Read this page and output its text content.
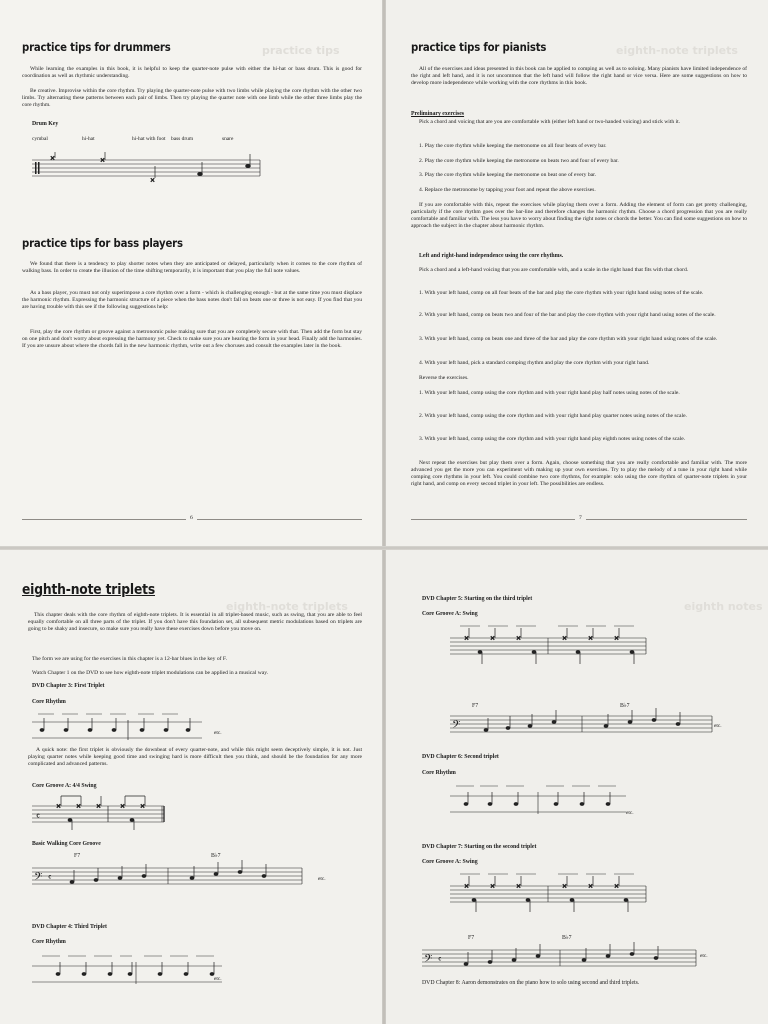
practice tips
practice tips for drummers

While learning the examples in this book, it is helpful to keep the quarter-note pulse with either the hi-hat or bass drum. This is good for coordination as well as rhythmic understanding.

Be creative. Improvise within the core rhythm. Try playing the quarter-note pulse with two limbs while playing the core rhythm with the other two limbs. Try alternating these patterns between each pair of limbs. Then try playing the quarter note with one limb while the other three limbs play the core rhythm.

Drum Key
cymbal	hi-hat	hi-hat with foot bass drum	snare
×	×
×
practice tips for bass players

We found that there is a tendency to play shorter notes when they are anticipated or delayed, particularly when it comes to the core rhythm of walking bass. In order to create the illusion of the time shifting temporarily, it is important that you play the full note values.

As a bass player, you must not only superimpose a core rhythm over a form - which is challenging enough - but at the same time you must displace the harmonic rhythm. Expressing the harmonic structure of a piece when the bass notes don't fall on beats one or three is not easy. If you find that you are having trouble with this see if the following suggestions help:

First, play the core rhythm or groove against a metronomic pulse making sure that you are completely secure with that. Then add the form but stay on one pitch and don't worry about expressing the harmony yet. Check to make sure you are hearing the form in your head. Finally add the harmonies. If you are unsure about where the chords fall in the new harmonic rhythm, write out a few choruses and consult the examples later in the book.

6
eighth-note triplets
practice tips for pianists

All of the exercises and ideas presented in this book can be applied to comping as well as to soloing. Many pianists have limited independence of the right and left hand, and it is not uncommon that the left hand will follow the right hand or vice versa. Here are some suggestions on how to develop more independence while working with the core rhythms in this book.

Preliminary exercises

Pick a chord and voicing that are you are comfortable with (either left hand or two-handed voicing) and stick with it.

1. Play the core rhythm while keeping the metronome on all four beats of every bar.

2. Play the core rhythm while keeping the metronome on beats two and four of every bar.

3. Play the core rhythm while keeping the metronome on beat one of every bar.

4. Replace the metronome by tapping your foot and repeat the above exercises.

If you are comfortable with this, repeat the exercises while playing them over a form. Adding the element of form can get pretty challenging, particularly if the core rhythm goes over the bar-line and therefore changes the harmonic rhythm. Choose a chord progression that you are really comfortable and familiar with. The less you have to worry about finding the right notes or chords the better. You can find some suggestions on how to approach the subject in the chapter about harmonic rhythm.

Left and right-hand independence using the core rhythms.

Pick a chord and a left-hand voicing that you are comfortable with, and a scale in the right hand that fits with that chord.

1. With your left hand, comp on all four beats of the bar and play the core rhythm with your right hand using notes of the scale.

2. With your left hand, comp on beats two and four of the bar and play the core rhythm with your right hand using notes of the scale.

3. With your left hand, comp on beats one and three of the bar and play the core rhythm with your right hand using notes of the scale.

4. With your left hand, pick a standard comping rhythm and play the core rhythm with your right hand.

Reverse the exercises.

1. With your left hand, comp using the core rhythm and with your right hand play half notes using notes of the scale.

2. With your left hand, comp using the core rhythm and with your right hand play quarter notes using notes of the scale.

3. With your left hand, comp using the core rhythm and with your right hand play eighth notes using notes of the scale.

Next repeat the exercises but play them over a form. Again, choose something that you are really comfortable and familiar with. The more advanced you get the more you can experiment with making up your own exercises. Try to play the melody of a tune in your right hand while comping core rhythms in your left. You could combine two core rhythms, for example: solo using the core rhythm of quarter-note triplets in your right hand, and comp on every second triplet in your left. The possibilities are endless.

7
eighth-note triplets
eighth-note triplets

This chapter deals with the core rhythm of eighth-note triplets. It is essential in all triplet-based music, such as swing, that you are able to feel equally comfortable on all three parts of the triplet. If you don't have this foundation set, all subsequent metric modulations based on triplets are going to be shaky and insecure, so make sure you really have these exercises down before you move on.

The form we are using for the exercises in this chapter is a 12-bar blues in the key of F.

Watch Chapter 1 on the DVD to see how eighth-note triplet modulations can be applied in a musical way.

DVD Chapter 3: First Triplet
Core Rhythm
etc.

A quick note: the first triplet is obviously the downbeat of every quarter-note, and while this might seem deceptively simple, it is not. Just playing quarter notes while keeping good time and swinging hard is more difficult then you think, and should be the foundation for any more complicated and advanced patterns.

Core Groove A: 4/4 Swing
𝄴
× × ×	× ×
Basic Walking Core Groove
F7	B♭7
𝄢 𝄴	etc.
DVD Chapter 4: Third Triplet
Core Rhythm
etc.
eighth notes
DVD Chapter 5: Starting on the third triplet
Core Groove A: Swing
×	×	×	×	×	×
F7	B♭7
𝄢	etc.
DVD Chapter 6: Second triplet
Core Rhythm
etc.
DVD Chapter 7: Starting on the second triplet
Core Groove A: Swing
×	×	×	×	×	×
F7	B♭7
𝄢 𝄴	etc.
DVD Chapter 8: Aaron demonstrates on the piano how to solo using second and third triplets.
